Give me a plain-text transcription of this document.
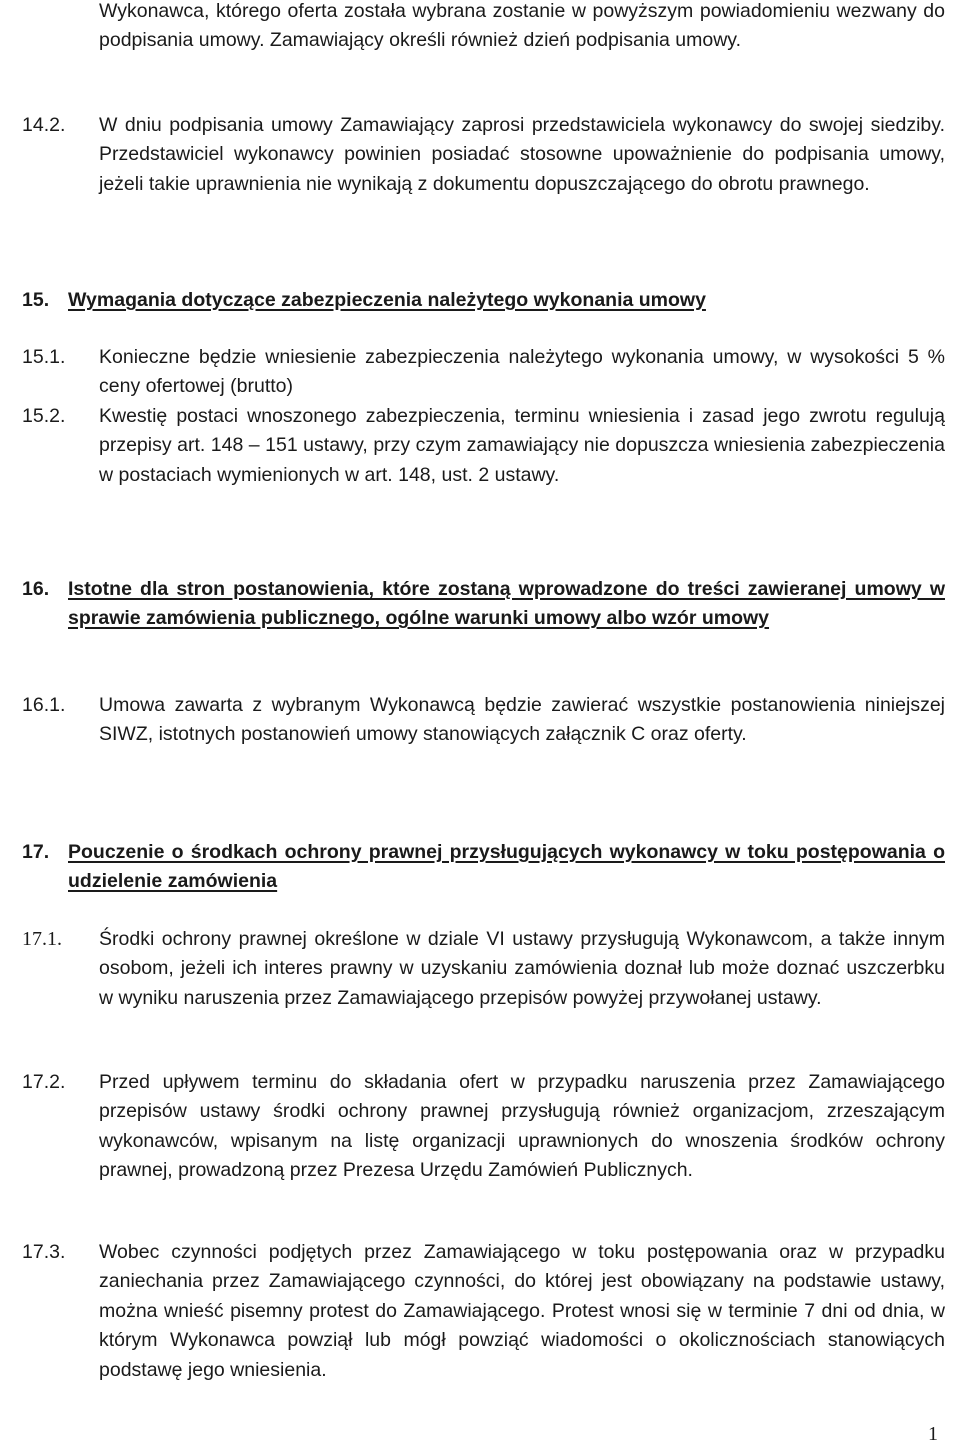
Wykonawca, którego oferta została wybrana zostanie w powyższym powiadomieniu wezwany do podpisania umowy. Zamawiający określi również dzień podpisania umowy.

14.2. W dniu podpisania umowy Zamawiający zaprosi przedstawiciela wykonawcy do swojej siedziby. Przedstawiciel wykonawcy powinien posiadać stosowne upoważnienie do podpisania umowy, jeżeli takie uprawnienia nie wynikają z dokumentu dopuszczającego do obrotu prawnego.

15. Wymagania dotyczące zabezpieczenia należytego wykonania umowy

15.1. Konieczne będzie wniesienie zabezpieczenia należytego wykonania umowy, w wysokości 5 % ceny ofertowej (brutto)

15.2. Kwestię postaci wnoszonego zabezpieczenia, terminu wniesienia i zasad jego zwrotu regulują przepisy art. 148 – 151 ustawy, przy czym zamawiający nie dopuszcza wniesienia zabezpieczenia w postaciach wymienionych w art. 148, ust. 2 ustawy.

16. Istotne dla stron postanowienia, które zostaną wprowadzone do treści zawieranej umowy w sprawie zamówienia publicznego, ogólne warunki umowy albo wzór umowy

16.1. Umowa zawarta z wybranym Wykonawcą będzie zawierać wszystkie postanowienia niniejszej SIWZ, istotnych postanowień umowy stanowiących załącznik C oraz oferty.

17. Pouczenie o środkach ochrony prawnej przysługujących wykonawcy w toku postępowania o udzielenie zamówienia

17.1. Środki ochrony prawnej określone w dziale VI ustawy przysługują Wykonawcom, a także innym osobom, jeżeli ich interes prawny w uzyskaniu zamówienia doznał lub może doznać uszczerbku w wyniku naruszenia przez Zamawiającego przepisów powyżej przywołanej ustawy.

17.2. Przed upływem terminu do składania ofert w przypadku naruszenia przez Zamawiającego przepisów ustawy środki ochrony prawnej przysługują również organizacjom, zrzeszającym wykonawców, wpisanym na listę organizacji uprawnionych do wnoszenia środków ochrony prawnej, prowadzoną przez Prezesa Urzędu Zamówień Publicznych.

17.3. Wobec czynności podjętych przez Zamawiającego w toku postępowania oraz w przypadku zaniechania przez Zamawiającego czynności, do której jest obowiązany na podstawie ustawy, można wnieść pisemny protest do Zamawiającego. Protest wnosi się w terminie 7 dni od dnia, w którym Wykonawca powziął lub mógł powziąć wiadomości o okolicznościach stanowiących podstawę jego wniesienia.

1
